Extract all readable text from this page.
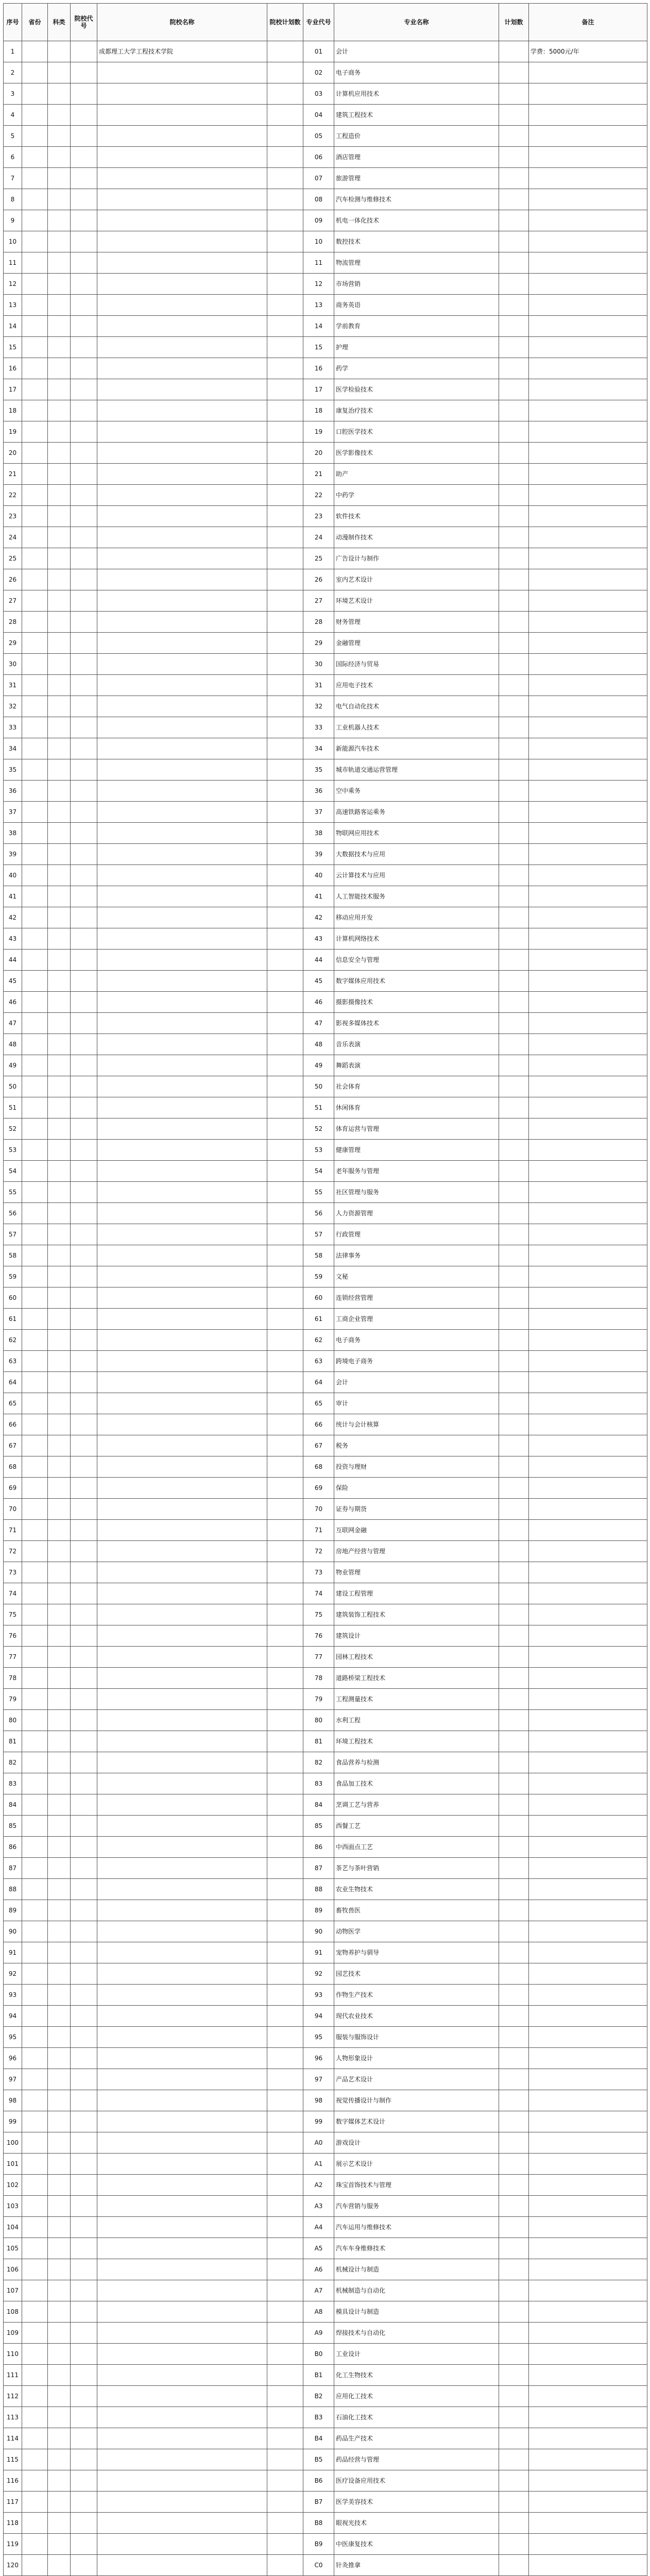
序号	省份	科类	院校代号	院校名称	院校计划数	专业代号	专业名称	计划数	备注
1				成都理工大学工程技术学院		01	会计		学费：5000元/年
2						02	电子商务		
3						03	计算机应用技术		
4						04	建筑工程技术		
5						05	工程造价		
6						06	酒店管理		
7						07	旅游管理		
8						08	汽车检测与维修技术		
9						09	机电一体化技术		
10						10	数控技术		
11						11	物流管理		
12						12	市场营销		
13						13	商务英语		
14						14	学前教育		
15						15	护理		
16						16	药学		
17						17	医学检验技术		
18						18	康复治疗技术		
19						19	口腔医学技术		
20						20	医学影像技术		
21						21	助产		
22						22	中药学		
23						23	软件技术		
24						24	动漫制作技术		
25						25	广告设计与制作		
26						26	室内艺术设计		
27						27	环境艺术设计		
28						28	财务管理		
29						29	金融管理		
30						30	国际经济与贸易		
31						31	应用电子技术		
32						32	电气自动化技术		
33						33	工业机器人技术		
34						34	新能源汽车技术		
35						35	城市轨道交通运营管理		
36						36	空中乘务		
37						37	高速铁路客运乘务		
38						38	物联网应用技术		
39						39	大数据技术与应用		
40						40	云计算技术与应用		
41						41	人工智能技术服务		
42						42	移动应用开发		
43						43	计算机网络技术		
44						44	信息安全与管理		
45						45	数字媒体应用技术		
46						46	摄影摄像技术		
47						47	影视多媒体技术		
48						48	音乐表演		
49						49	舞蹈表演		
50						50	社会体育		
51						51	休闲体育		
52						52	体育运营与管理		
53						53	健康管理		
54						54	老年服务与管理		
55						55	社区管理与服务		
56						56	人力资源管理		
57						57	行政管理		
58						58	法律事务		
59						59	文秘		
60						60	连锁经营管理		
61						61	工商企业管理		
62						62	电子商务		
63						63	跨境电子商务		
64						64	会计		
65						65	审计		
66						66	统计与会计核算		
67						67	税务		
68						68	投资与理财		
69						69	保险		
70						70	证券与期货		
71						71	互联网金融		
72						72	房地产经营与管理		
73						73	物业管理		
74						74	建设工程管理		
75						75	建筑装饰工程技术		
76						76	建筑设计		
77						77	园林工程技术		
78						78	道路桥梁工程技术		
79						79	工程测量技术		
80						80	水利工程		
81						81	环境工程技术		
82						82	食品营养与检测		
83						83	食品加工技术		
84						84	烹调工艺与营养		
85						85	西餐工艺		
86						86	中西面点工艺		
87						87	茶艺与茶叶营销		
88						88	农业生物技术		
89						89	畜牧兽医		
90						90	动物医学		
91						91	宠物养护与驯导		
92						92	园艺技术		
93						93	作物生产技术		
94						94	现代农业技术		
95						95	服装与服饰设计		
96						96	人物形象设计		
97						97	产品艺术设计		
98						98	视觉传播设计与制作		
99						99	数字媒体艺术设计		
100						A0	游戏设计		
101						A1	展示艺术设计		
102						A2	珠宝首饰技术与管理		
103						A3	汽车营销与服务		
104						A4	汽车运用与维修技术		
105						A5	汽车车身维修技术		
106						A6	机械设计与制造		
107						A7	机械制造与自动化		
108						A8	模具设计与制造		
109						A9	焊接技术与自动化		
110						B0	工业设计		
111						B1	化工生物技术		
112						B2	应用化工技术		
113						B3	石油化工技术		
114						B4	药品生产技术		
115						B5	药品经营与管理		
116						B6	医疗设备应用技术		
117						B7	医学美容技术		
118						B8	眼视光技术		
119						B9	中医康复技术		
120						C0	针灸推拿		
